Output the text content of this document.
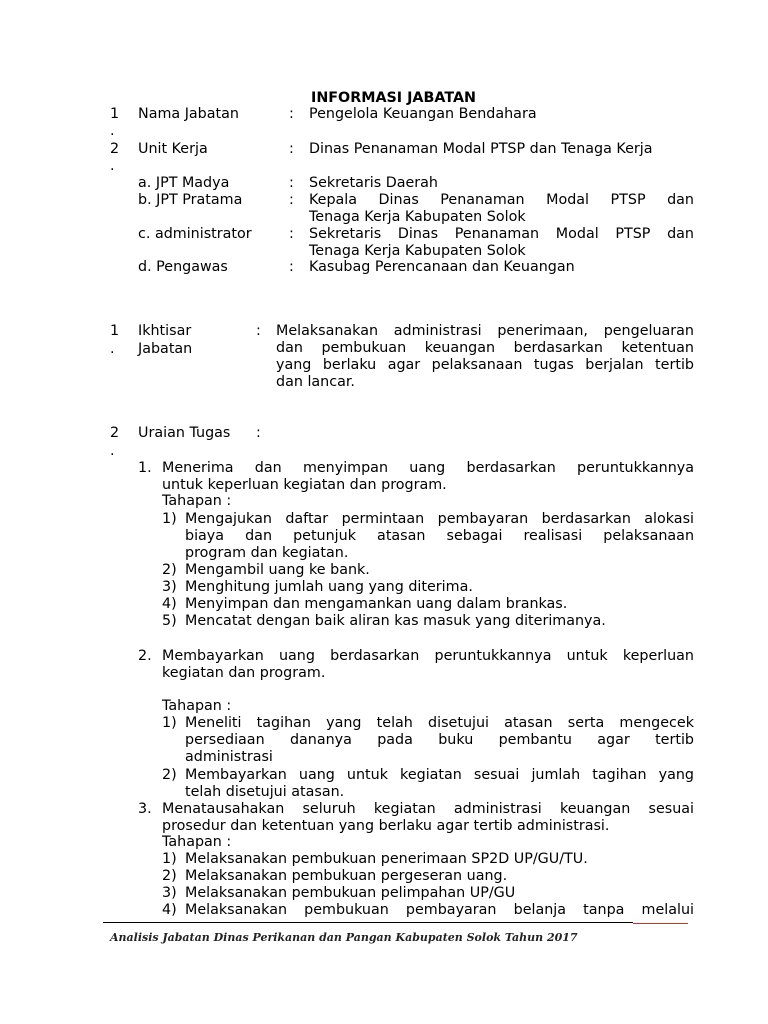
INFORMASI JABATAN
1
.
Nama Jabatan	: Pengelola Keuangan Bendahara
2
.
Unit Kerja	: Dinas Penanaman Modal PTSP dan Tenaga Kerja
a. JPT Madya	: Sekretaris Daerah
b. JPT Pratama	: Kepala Dinas Penanaman Modal PTSP dan
Tenaga Kerja Kabupaten Solok
c. administrator	: Sekretaris Dinas Penanaman Modal PTSP dan
Tenaga Kerja Kabupaten Solok
d. Pengawas	: Kasubag Perencanaan dan Keuangan
1
.
Ikhtisar
Jabatan
: Melaksanakan administrasi penerimaan, pengeluaran
dan pembukuan keuangan berdasarkan ketentuan
yang berlaku agar pelaksanaan tugas berjalan tertib
dan lancar.
2
.
Uraian Tugas :
1. Menerima dan menyimpan uang berdasarkan peruntukkannya
untuk keperluan kegiatan dan program.
Tahapan :
1) Mengajukan daftar permintaan pembayaran berdasarkan alokasi
biaya dan petunjuk atasan sebagai realisasi pelaksanaan
program dan kegiatan.
2) Mengambil uang ke bank.
3) Menghitung jumlah uang yang diterima.
4) Menyimpan dan mengamankan uang dalam brankas.
5) Mencatat dengan baik aliran kas masuk yang diterimanya.
2. Membayarkan uang berdasarkan peruntukkannya untuk keperluan
kegiatan dan program.
Tahapan :
1) Meneliti tagihan yang telah disetujui atasan serta mengecek
persediaan dananya pada buku pembantu agar tertib
administrasi
2) Membayarkan uang untuk kegiatan sesuai jumlah tagihan yang
telah disetujui atasan.
3. Menatausahakan seluruh kegiatan administrasi keuangan sesuai
prosedur dan ketentuan yang berlaku agar tertib administrasi.
Tahapan :
1) Melaksanakan pembukuan penerimaan SP2D UP/GU/TU.
2) Melaksanakan pembukuan pergeseran uang.
3) Melaksanakan pembukuan pelimpahan UP/GU
4) Melaksanakan pembukuan pembayaran belanja tanpa melalui
Analisis Jabatan Dinas Perikanan dan Pangan Kabupaten Solok Tahun 2017
